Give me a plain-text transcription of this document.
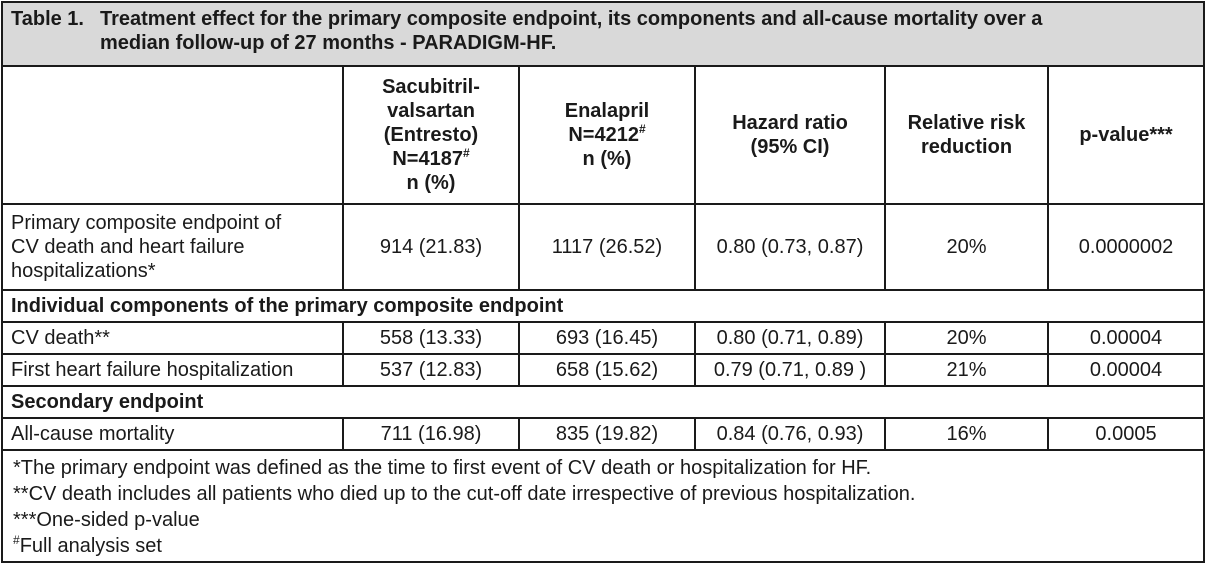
Table 1. Treatment effect for the primary composite endpoint, its components and all-cause mortality over a
median follow-up of 27 months - PARADIGM-HF.					

	Sacubitril-
valsartan
(Entresto)
N=4187#
n (%)	Enalapril
N=4212#
n (%)	Hazard ratio
(95% CI)	Relative risk
reduction	p-value***

Primary composite endpoint of
CV death and heart failure
hospitalizations*	914 (21.83)	1117 (26.52)	0.80 (0.73, 0.87)	20%	0.0000002
Individual components of the primary composite endpoint					
CV death**	558 (13.33)	693 (16.45)	0.80 (0.71, 0.89)	20%	0.00004
First heart failure hospitalization	537 (12.83)	658 (15.62)	0.79 (0.71, 0.89 )	21%	0.00004
Secondary endpoint					
All-cause mortality	711 (16.98)	835 (19.82)	0.84 (0.76, 0.93)	16%	0.0005

*The primary endpoint was defined as the time to first event of CV death or hospitalization for HF.
**CV death includes all patients who died up to the cut-off date irrespective of previous hospitalization.
***One-sided p-value
#Full analysis set					
